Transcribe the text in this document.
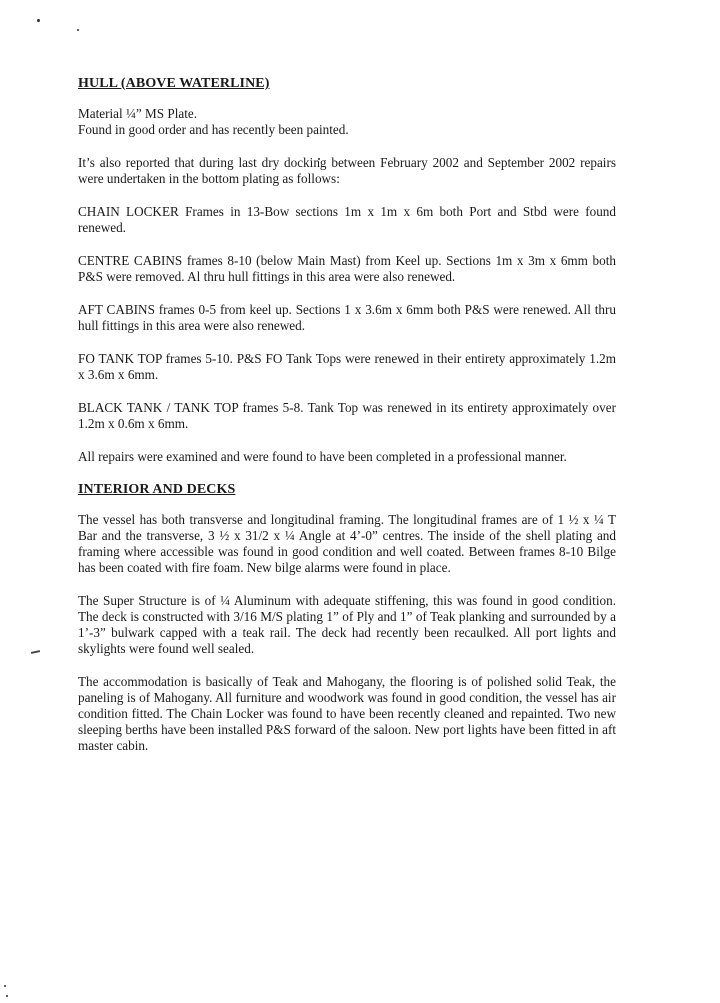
HULL (ABOVE WATERLINE)
Material ¼” MS Plate.
Found in good order and has recently been painted.
It’s also reported that during last dry docking between February 2002 and September 2002 repairs were undertaken in the bottom plating as follows:
CHAIN LOCKER Frames in 13-Bow sections 1m x 1m x 6m both Port and Stbd were found renewed.
CENTRE CABINS frames 8-10 (below Main Mast) from Keel up. Sections 1m x 3m x 6mm both P&S were removed. Al thru hull fittings in this area were also renewed.
AFT CABINS frames 0-5 from keel up. Sections 1 x 3.6m x 6mm both P&S were renewed. All thru hull fittings in this area were also renewed.
FO TANK TOP frames 5-10. P&S FO Tank Tops were renewed in their entirety approximately 1.2m x 3.6m x 6mm.
BLACK TANK / TANK TOP frames 5-8. Tank Top was renewed in its entirety approximately over 1.2m x 0.6m x 6mm.
All repairs were examined and were found to have been completed in a professional manner.
INTERIOR AND DECKS
The vessel has both transverse and longitudinal framing. The longitudinal frames are of 1 ½ x ¼ T Bar and the transverse, 3 ½ x 31/2 x ¼ Angle at 4’-0” centres. The inside of the shell plating and framing where accessible was found in good condition and well coated. Between frames 8-10 Bilge has been coated with fire foam. New bilge alarms were found in place.
The Super Structure is of ¼ Aluminum with adequate stiffening, this was found in good condition. The deck is constructed with 3/16 M/S plating 1” of Ply and 1” of Teak planking and surrounded by a 1’-3” bulwark capped with a teak rail. The deck had recently been recaulked. All port lights and skylights were found well sealed.
The accommodation is basically of Teak and Mahogany, the flooring is of polished solid Teak, the paneling is of Mahogany. All furniture and woodwork was found in good condition, the vessel has air condition fitted. The Chain Locker was found to have been recently cleaned and repainted. Two new sleeping berths have been installed P&S forward of the saloon. New port lights have been fitted in aft master cabin.
